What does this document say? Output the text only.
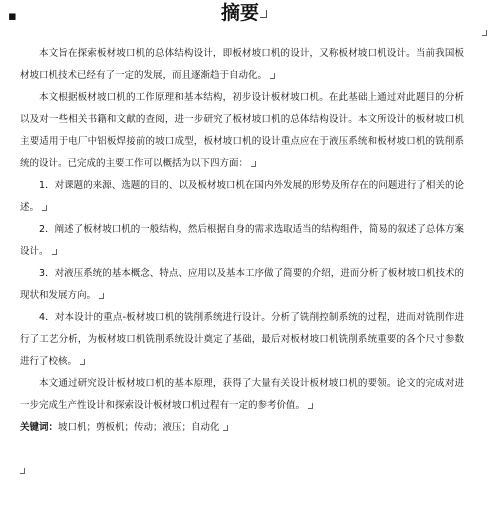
▪	摘要

本文旨在探索板材坡口机的总体结构设计，即板材坡口机的设计，又称板材坡口机设计。当前我国板材坡口机技术已经有了一定的发展，而且逐渐趋于自动化。

本文根据板材坡口机的工作原理和基本结构，初步设计板材坡口机。在此基础上通过对此题目的分析以及对一些相关书籍和文献的查阅，进一步研究了板材坡口机的总体结构设计。本文所设计的板材坡口机主要适用于电厂中铝板焊接前的坡口成型，板材坡口机的设计重点应在于液压系统和板材坡口机的铣削系统的设计。已完成的主要工作可以概括为以下四方面：

1．对课题的来源、选题的目的、以及板材坡口机在国内外发展的形势及所存在的问题进行了相关的论述。

2．阐述了板材坡口机的一般结构，然后根据自身的需求选取适当的结构组件，简易的叙述了总体方案设计。

3．对液压系统的基本概念、特点、应用以及基本工序做了简要的介绍，进而分析了板材坡口机技术的现状和发展方向。

4．对本设计的重点-板材坡口机的铣削系统进行设计。分析了铣削控制系统的过程，进而对铣削作进行了工艺分析，为板材坡口机铣削系统设计奠定了基础，最后对板材坡口机铣削系统重要的各个尺寸参数进行了校核。

本文通过研究设计板材坡口机的基本原理，获得了大量有关设计板材坡口机的要领。论文的完成对进一步完成生产性设计和探索设计板材坡口机过程有一定的参考价值。

关键词：坡口机；剪板机；传动；液压；自动化
